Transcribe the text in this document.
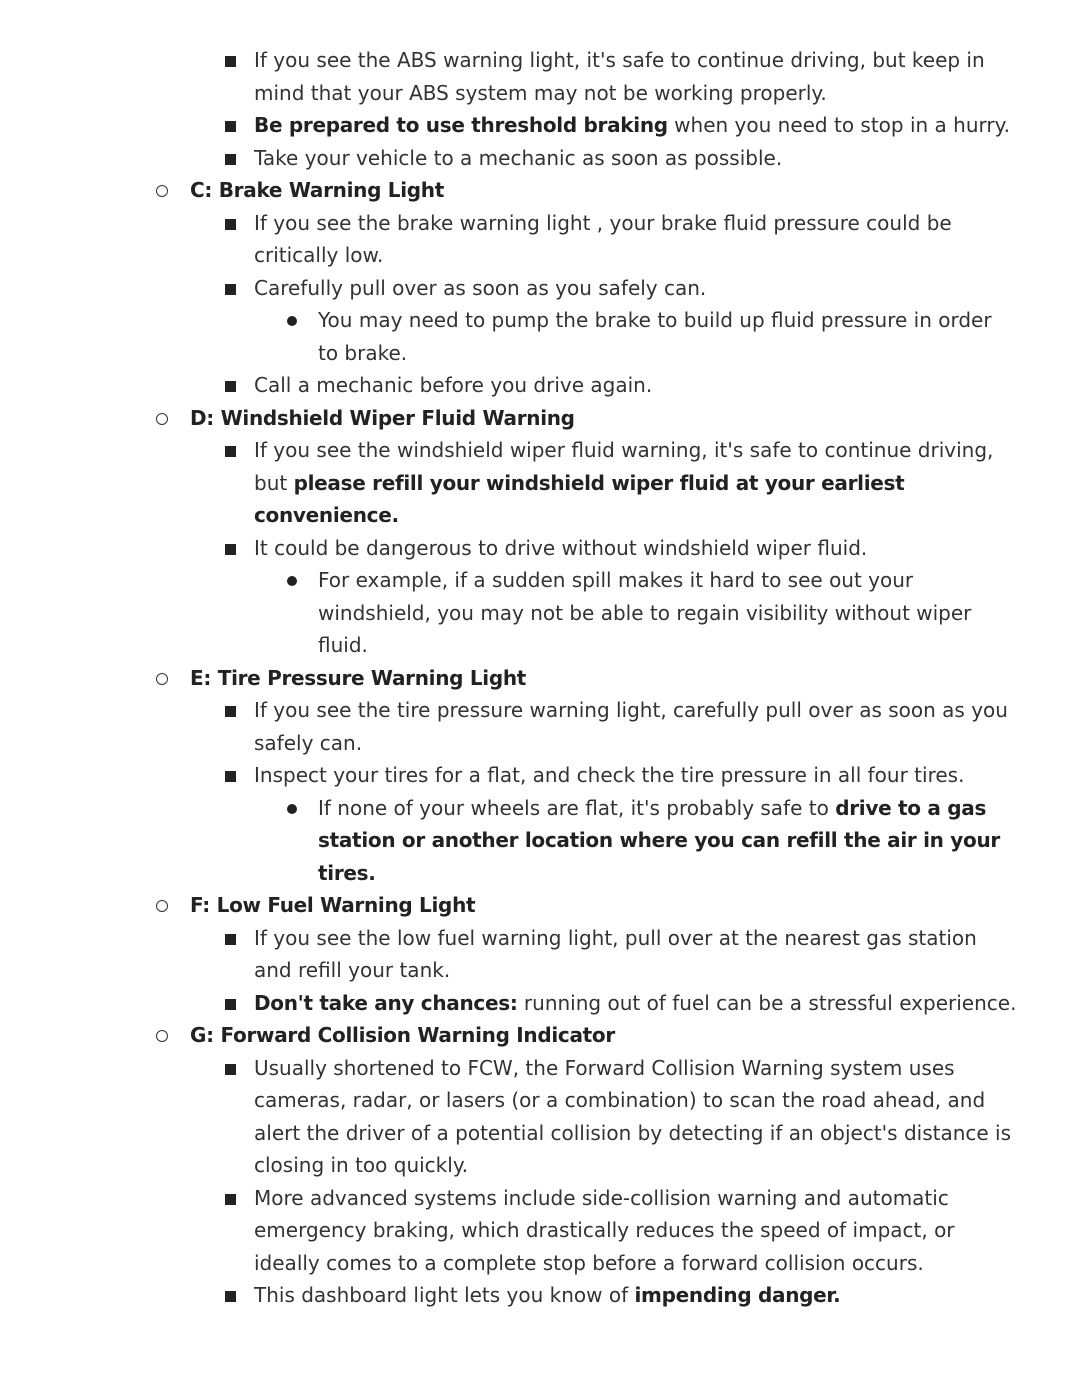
If you see the ABS warning light, it's safe to continue driving, but keep in mind that your ABS system may not be working properly.
Be prepared to use threshold braking when you need to stop in a hurry.
Take your vehicle to a mechanic as soon as possible.
C: Brake Warning Light
If you see the brake warning light , your brake fluid pressure could be critically low.
Carefully pull over as soon as you safely can.
You may need to pump the brake to build up fluid pressure in order to brake.
Call a mechanic before you drive again.
D: Windshield Wiper Fluid Warning
If you see the windshield wiper fluid warning, it's safe to continue driving, but please refill your windshield wiper fluid at your earliest convenience.
It could be dangerous to drive without windshield wiper fluid.
For example, if a sudden spill makes it hard to see out your windshield, you may not be able to regain visibility without wiper fluid.
E: Tire Pressure Warning Light
If you see the tire pressure warning light, carefully pull over as soon as you safely can.
Inspect your tires for a flat, and check the tire pressure in all four tires.
If none of your wheels are flat, it's probably safe to drive to a gas station or another location where you can refill the air in your tires.
F: Low Fuel Warning Light
If you see the low fuel warning light, pull over at the nearest gas station and refill your tank.
Don't take any chances: running out of fuel can be a stressful experience.
G: Forward Collision Warning Indicator
Usually shortened to FCW, the Forward Collision Warning system uses cameras, radar, or lasers (or a combination) to scan the road ahead, and alert the driver of a potential collision by detecting if an object's distance is closing in too quickly.
More advanced systems include side-collision warning and automatic emergency braking, which drastically reduces the speed of impact, or ideally comes to a complete stop before a forward collision occurs.
This dashboard light lets you know of impending danger.
